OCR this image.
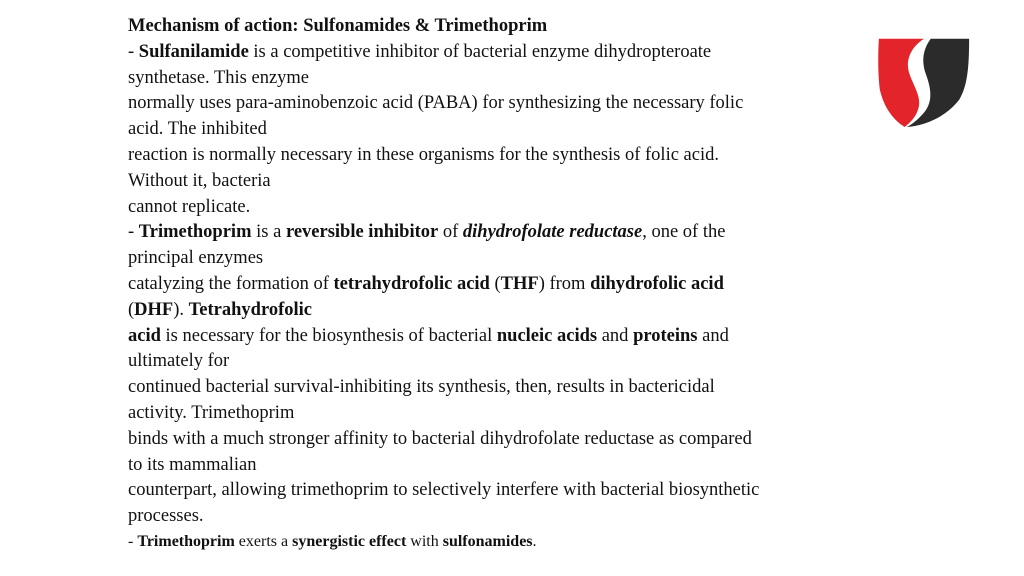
Mechanism of action: Sulfonamides & Trimethoprim
- Sulfanilamide is a competitive inhibitor of bacterial enzyme dihydropteroate
synthetase. This enzyme
normally uses para-aminobenzoic acid (PABA) for synthesizing the necessary folic
acid. The inhibited
reaction is normally necessary in these organisms for the synthesis of folic acid.
Without it, bacteria
cannot replicate.
- Trimethoprim is a reversible inhibitor of dihydrofolate reductase, one of the
principal enzymes
catalyzing the formation of tetrahydrofolic acid (THF) from dihydrofolic acid
(DHF). Tetrahydrofolic
acid is necessary for the biosynthesis of bacterial nucleic acids and proteins and
ultimately for
continued bacterial survival-inhibiting its synthesis, then, results in bactericidal
activity. Trimethoprim
binds with a much stronger affinity to bacterial dihydrofolate reductase as compared
to its mammalian
counterpart, allowing trimethoprim to selectively interfere with bacterial biosynthetic
processes.
- Trimethoprim exerts a synergistic effect with sulfonamides.
